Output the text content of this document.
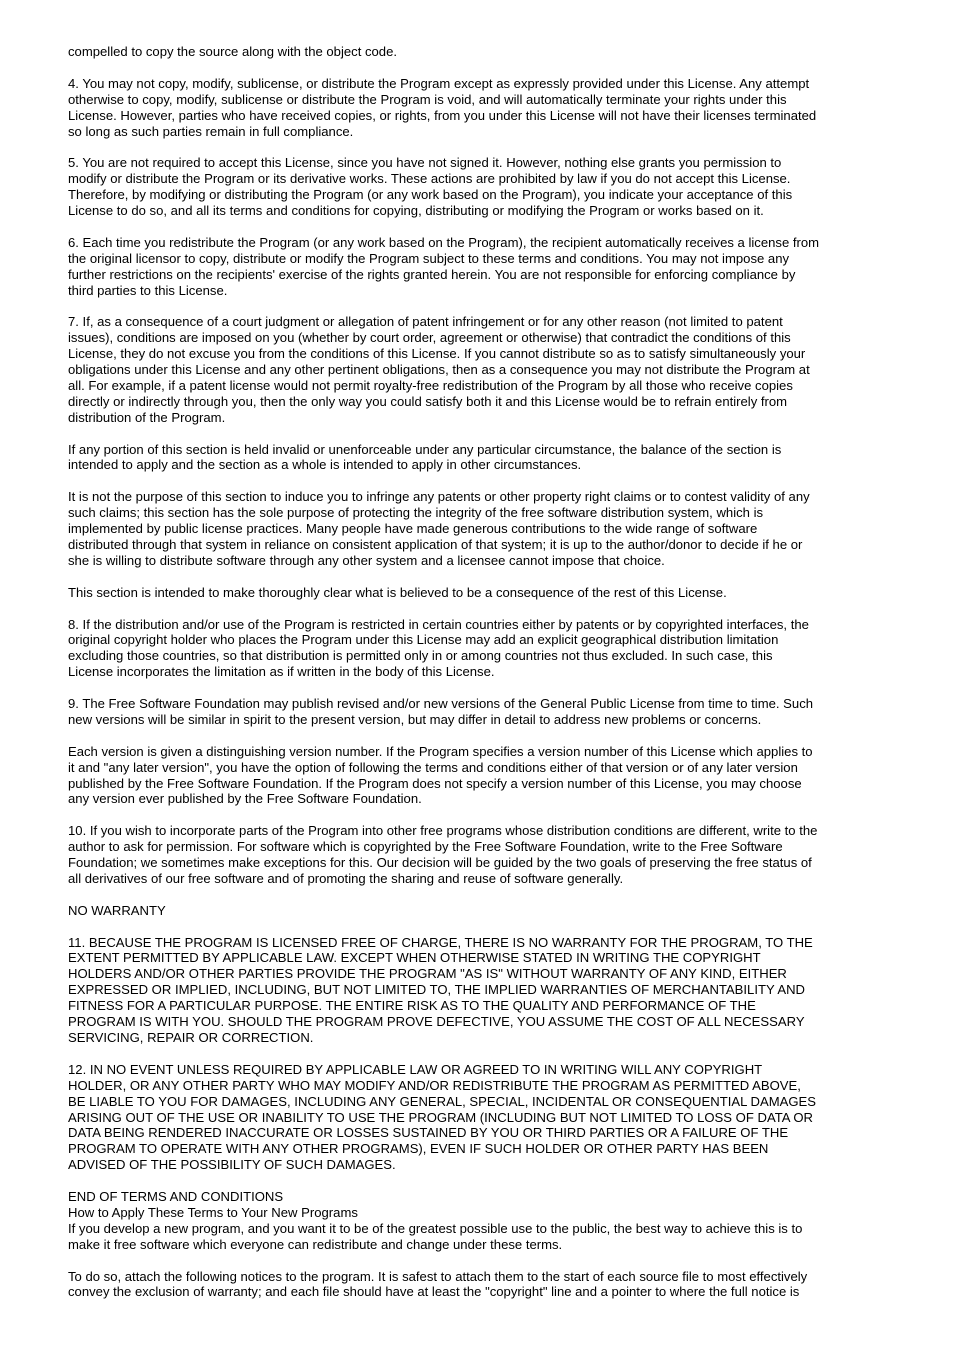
compelled to copy the source along with the object code.

4. You may not copy, modify, sublicense, or distribute the Program except as expressly provided under this License. Any attempt
otherwise to copy, modify, sublicense or distribute the Program is void, and will automatically terminate your rights under this
License. However, parties who have received copies, or rights, from you under this License will not have their licenses terminated
so long as such parties remain in full compliance.

5. You are not required to accept this License, since you have not signed it. However, nothing else grants you permission to
modify or distribute the Program or its derivative works. These actions are prohibited by law if you do not accept this License.
Therefore, by modifying or distributing the Program (or any work based on the Program), you indicate your acceptance of this
License to do so, and all its terms and conditions for copying, distributing or modifying the Program or works based on it.

6. Each time you redistribute the Program (or any work based on the Program), the recipient automatically receives a license from
the original licensor to copy, distribute or modify the Program subject to these terms and conditions. You may not impose any
further restrictions on the recipients' exercise of the rights granted herein. You are not responsible for enforcing compliance by
third parties to this License.

7. If, as a consequence of a court judgment or allegation of patent infringement or for any other reason (not limited to patent
issues), conditions are imposed on you (whether by court order, agreement or otherwise) that contradict the conditions of this
License, they do not excuse you from the conditions of this License. If you cannot distribute so as to satisfy simultaneously your
obligations under this License and any other pertinent obligations, then as a consequence you may not distribute the Program at
all. For example, if a patent license would not permit royalty-free redistribution of the Program by all those who receive copies
directly or indirectly through you, then the only way you could satisfy both it and this License would be to refrain entirely from
distribution of the Program.

If any portion of this section is held invalid or unenforceable under any particular circumstance, the balance of the section is
intended to apply and the section as a whole is intended to apply in other circumstances.

It is not the purpose of this section to induce you to infringe any patents or other property right claims or to contest validity of any
such claims; this section has the sole purpose of protecting the integrity of the free software distribution system, which is
implemented by public license practices. Many people have made generous contributions to the wide range of software
distributed through that system in reliance on consistent application of that system; it is up to the author/donor to decide if he or
she is willing to distribute software through any other system and a licensee cannot impose that choice.

This section is intended to make thoroughly clear what is believed to be a consequence of the rest of this License.

8. If the distribution and/or use of the Program is restricted in certain countries either by patents or by copyrighted interfaces, the
original copyright holder who places the Program under this License may add an explicit geographical distribution limitation
excluding those countries, so that distribution is permitted only in or among countries not thus excluded. In such case, this
License incorporates the limitation as if written in the body of this License.

9. The Free Software Foundation may publish revised and/or new versions of the General Public License from time to time. Such
new versions will be similar in spirit to the present version, but may differ in detail to address new problems or concerns.

Each version is given a distinguishing version number. If the Program specifies a version number of this License which applies to
it and "any later version", you have the option of following the terms and conditions either of that version or of any later version
published by the Free Software Foundation. If the Program does not specify a version number of this License, you may choose
any version ever published by the Free Software Foundation.

10. If you wish to incorporate parts of the Program into other free programs whose distribution conditions are different, write to the
author to ask for permission. For software which is copyrighted by the Free Software Foundation, write to the Free Software
Foundation; we sometimes make exceptions for this. Our decision will be guided by the two goals of preserving the free status of
all derivatives of our free software and of promoting the sharing and reuse of software generally.

NO WARRANTY

11. BECAUSE THE PROGRAM IS LICENSED FREE OF CHARGE, THERE IS NO WARRANTY FOR THE PROGRAM, TO THE
EXTENT PERMITTED BY APPLICABLE LAW. EXCEPT WHEN OTHERWISE STATED IN WRITING THE COPYRIGHT
HOLDERS AND/OR OTHER PARTIES PROVIDE THE PROGRAM "AS IS" WITHOUT WARRANTY OF ANY KIND, EITHER
EXPRESSED OR IMPLIED, INCLUDING, BUT NOT LIMITED TO, THE IMPLIED WARRANTIES OF MERCHANTABILITY AND
FITNESS FOR A PARTICULAR PURPOSE. THE ENTIRE RISK AS TO THE QUALITY AND PERFORMANCE OF THE
PROGRAM IS WITH YOU. SHOULD THE PROGRAM PROVE DEFECTIVE, YOU ASSUME THE COST OF ALL NECESSARY
SERVICING, REPAIR OR CORRECTION.

12. IN NO EVENT UNLESS REQUIRED BY APPLICABLE LAW OR AGREED TO IN WRITING WILL ANY COPYRIGHT
HOLDER, OR ANY OTHER PARTY WHO MAY MODIFY AND/OR REDISTRIBUTE THE PROGRAM AS PERMITTED ABOVE,
BE LIABLE TO YOU FOR DAMAGES, INCLUDING ANY GENERAL, SPECIAL, INCIDENTAL OR CONSEQUENTIAL DAMAGES
ARISING OUT OF THE USE OR INABILITY TO USE THE PROGRAM (INCLUDING BUT NOT LIMITED TO LOSS OF DATA OR
DATA BEING RENDERED INACCURATE OR LOSSES SUSTAINED BY YOU OR THIRD PARTIES OR A FAILURE OF THE
PROGRAM TO OPERATE WITH ANY OTHER PROGRAMS), EVEN IF SUCH HOLDER OR OTHER PARTY HAS BEEN
ADVISED OF THE POSSIBILITY OF SUCH DAMAGES.

END OF TERMS AND CONDITIONS

How to Apply These Terms to Your New Programs

If you develop a new program, and you want it to be of the greatest possible use to the public, the best way to achieve this is to
make it free software which everyone can redistribute and change under these terms.

To do so, attach the following notices to the program. It is safest to attach them to the start of each source file to most effectively
convey the exclusion of warranty; and each file should have at least the "copyright" line and a pointer to where the full notice is
